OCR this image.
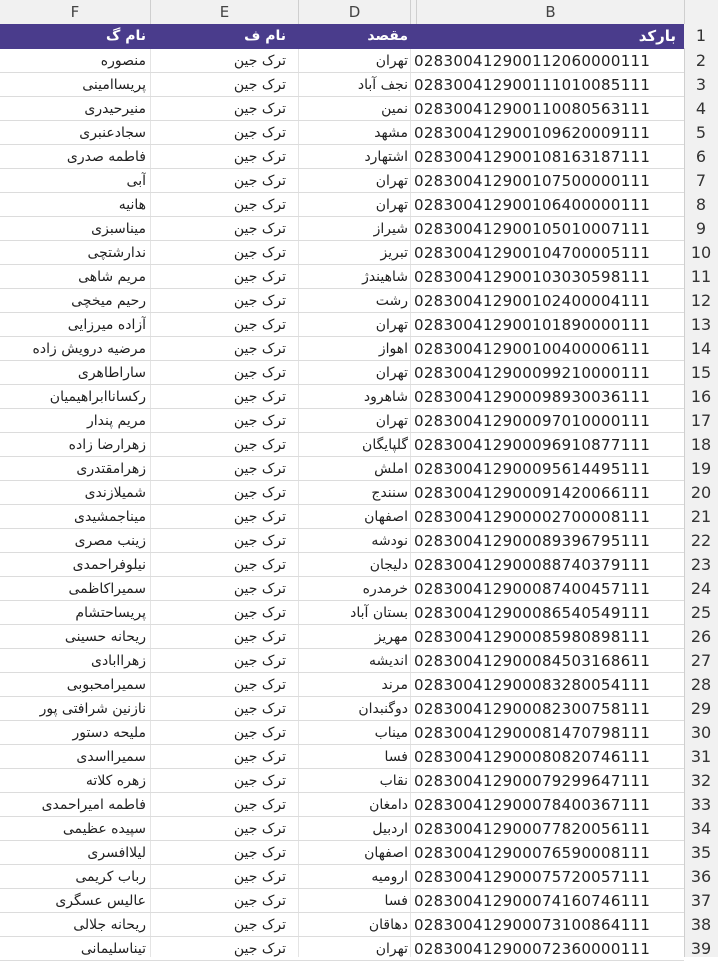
F	E	D	B
نام گ	نام ف	مقصد	بارکد	1
منصوره	ترک جین	تهران 028300412900112060000111	2
پریساامینی	ترک جین	نجف آباد 028300412900111010085111	3
منیرحیدری	ترک جین	نمین 028300412900110080563111	4
سجادعنبری	ترک جین	مشهد 028300412900109620009111	5
فاطمه صدری	ترک جین	اشتهارد 028300412900108163187111	6
آبی	ترک جین	تهران 028300412900107500000111	7
هانیه	ترک جین	تهران 028300412900106400000111	8
میناسبزی	ترک جین	شیراز 028300412900105010007111	9
ندارشتچی	ترک جین	تبریز 028300412900104700005111	10
مریم شاهی	ترک جین	شاهیندژ 028300412900103030598111	11
رحیم میخچی	ترک جین	رشت 028300412900102400004111	12
آزاده میرزایی	ترک جین	تهران 028300412900101890000111	13
مرضیه درویش زاده	ترک جین	اهواز 028300412900100400006111	14
ساراطاهری	ترک جین	تهران 028300412900099210000111	15
رکساناابراهیمیان	ترک جین	شاهرود 028300412900098930036111	16
مریم پندار	ترک جین	تهران 028300412900097010000111	17
زهرارضا زاده	ترک جین	گلپایگان 028300412900096910877111	18
زهرامقتدری	ترک جین	املش 028300412900095614495111	19
شمیلازندی	ترک جین	سنندج 028300412900091420066111	20
میناجمشیدی	ترک جین	اصفهان 028300412900002700008111	21
زینب مصری	ترک جین	نودشه 028300412900089396795111	22
نیلوفراحمدی	ترک جین	دلیجان 028300412900088740379111	23
سمیراکاظمی	ترک جین	خرمدره 028300412900087400457111	24
پریساحتشام	ترک جین	بستان آباد 028300412900086540549111	25
ریحانه حسینی	ترک جین	مهریز 028300412900085980898111	26
زهراابادی	ترک جین	اندیشه 028300412900084503168611	27
سمیرامحبوبی	ترک جین	مرند 028300412900083280054111	28
نازنین شرافتی پور	ترک جین	دوگنبدان 028300412900082300758111	29
ملیحه دستور	ترک جین	میناب 028300412900081470798111	30
سمیرااسدی	ترک جین	فسا 028300412900080820746111	31
زهره کلاته	ترک جین	نقاب 028300412900079299647111	32
فاطمه امیراحمدی	ترک جین	دامغان 028300412900078400367111	33
سپیده عظیمی	ترک جین	اردبیل 028300412900077820056111	34
لیلاافسری	ترک جین	اصفهان 028300412900076590008111	35
رباب کریمی	ترک جین	ارومیه 028300412900075720057111	36
عالیس عسگری	ترک جین	فسا 028300412900074160746111	37
ریحانه جلالی	ترک جین	دهاقان 028300412900073100864111	38
تیناسلیمانی	ترک جین	تهران 028300412900072360000111	39
